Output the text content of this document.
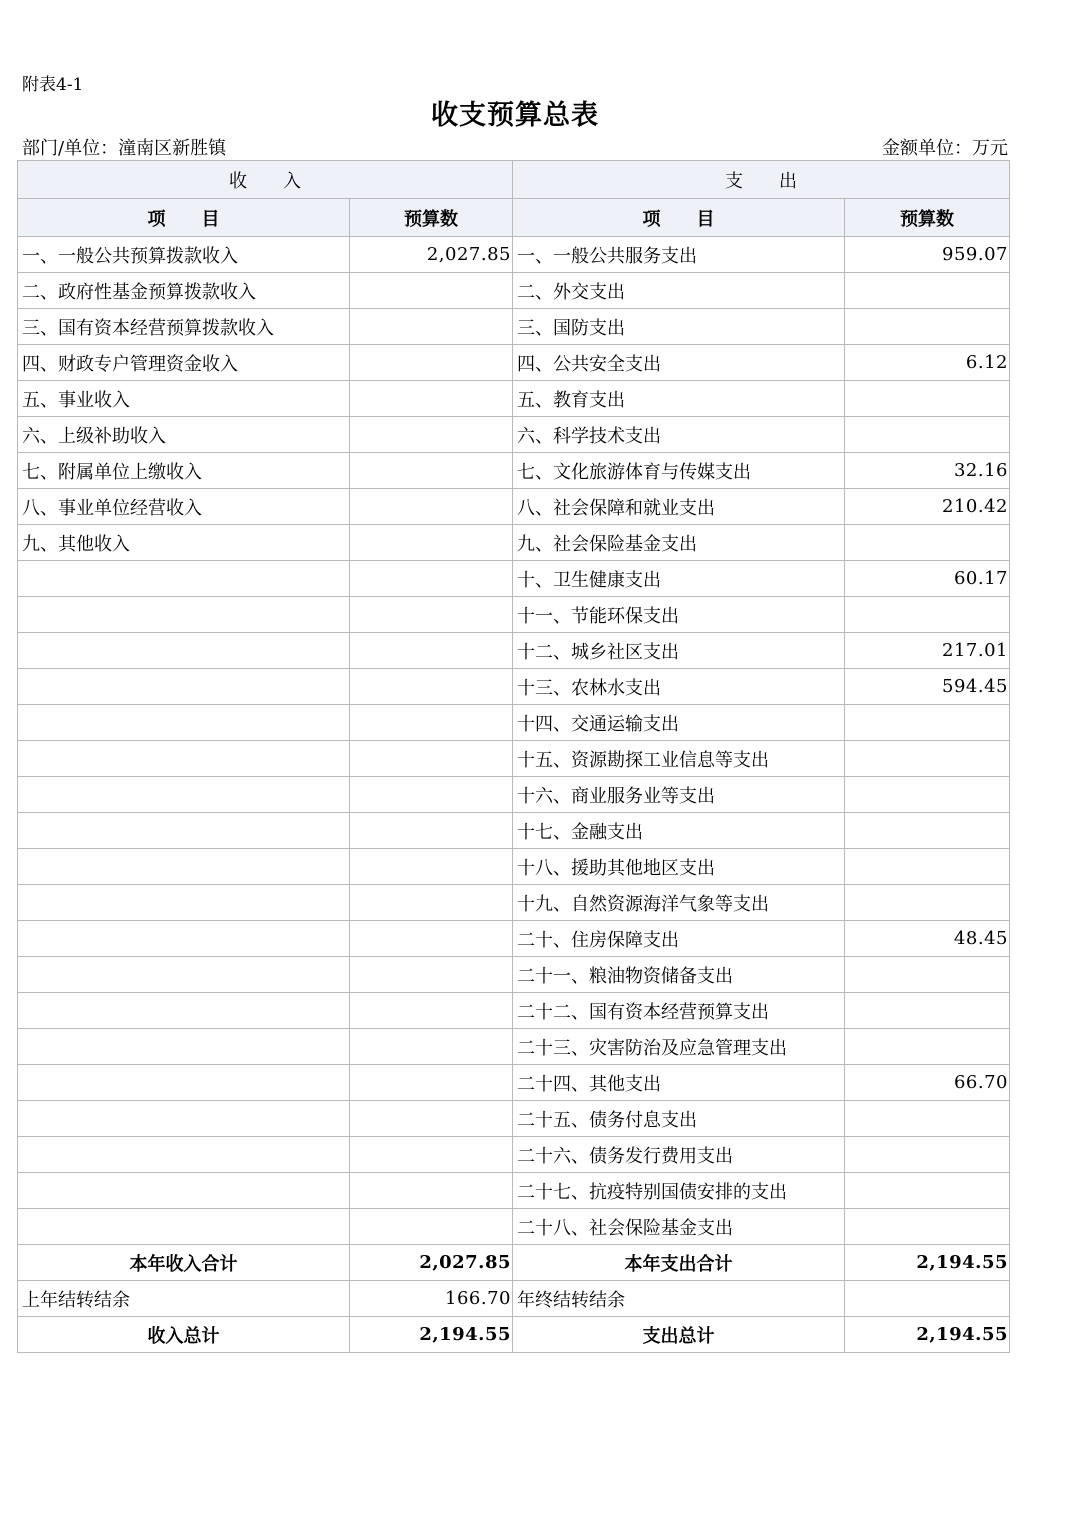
附表4-1
收支预算总表
部门/单位：潼南区新胜镇	金额单位：万元
收　　入		支　　出	
项　　目	预算数	项　　目	预算数
一、一般公共预算拨款收入	2,027.85	一、一般公共服务支出	959.07
二、政府性基金预算拨款收入		二、外交支出	
三、国有资本经营预算拨款收入		三、国防支出	
四、财政专户管理资金收入		四、公共安全支出	6.12
五、事业收入		五、教育支出	
六、上级补助收入		六、科学技术支出	
七、附属单位上缴收入		七、文化旅游体育与传媒支出	32.16
八、事业单位经营收入		八、社会保障和就业支出	210.42
九、其他收入		九、社会保险基金支出	
		十、卫生健康支出	60.17
		十一、节能环保支出	
		十二、城乡社区支出	217.01
		十三、农林水支出	594.45
		十四、交通运输支出	
		十五、资源勘探工业信息等支出	
		十六、商业服务业等支出	
		十七、金融支出	
		十八、援助其他地区支出	
		十九、自然资源海洋气象等支出	
		二十、住房保障支出	48.45
		二十一、粮油物资储备支出	
		二十二、国有资本经营预算支出	
		二十三、灾害防治及应急管理支出	
		二十四、其他支出	66.70
		二十五、债务付息支出	
		二十六、债务发行费用支出	
		二十七、抗疫特别国债安排的支出	
		二十八、社会保险基金支出	
本年收入合计	2,027.85	本年支出合计	2,194.55
上年结转结余	166.70	年终结转结余	
收入总计	2,194.55	支出总计	2,194.55
